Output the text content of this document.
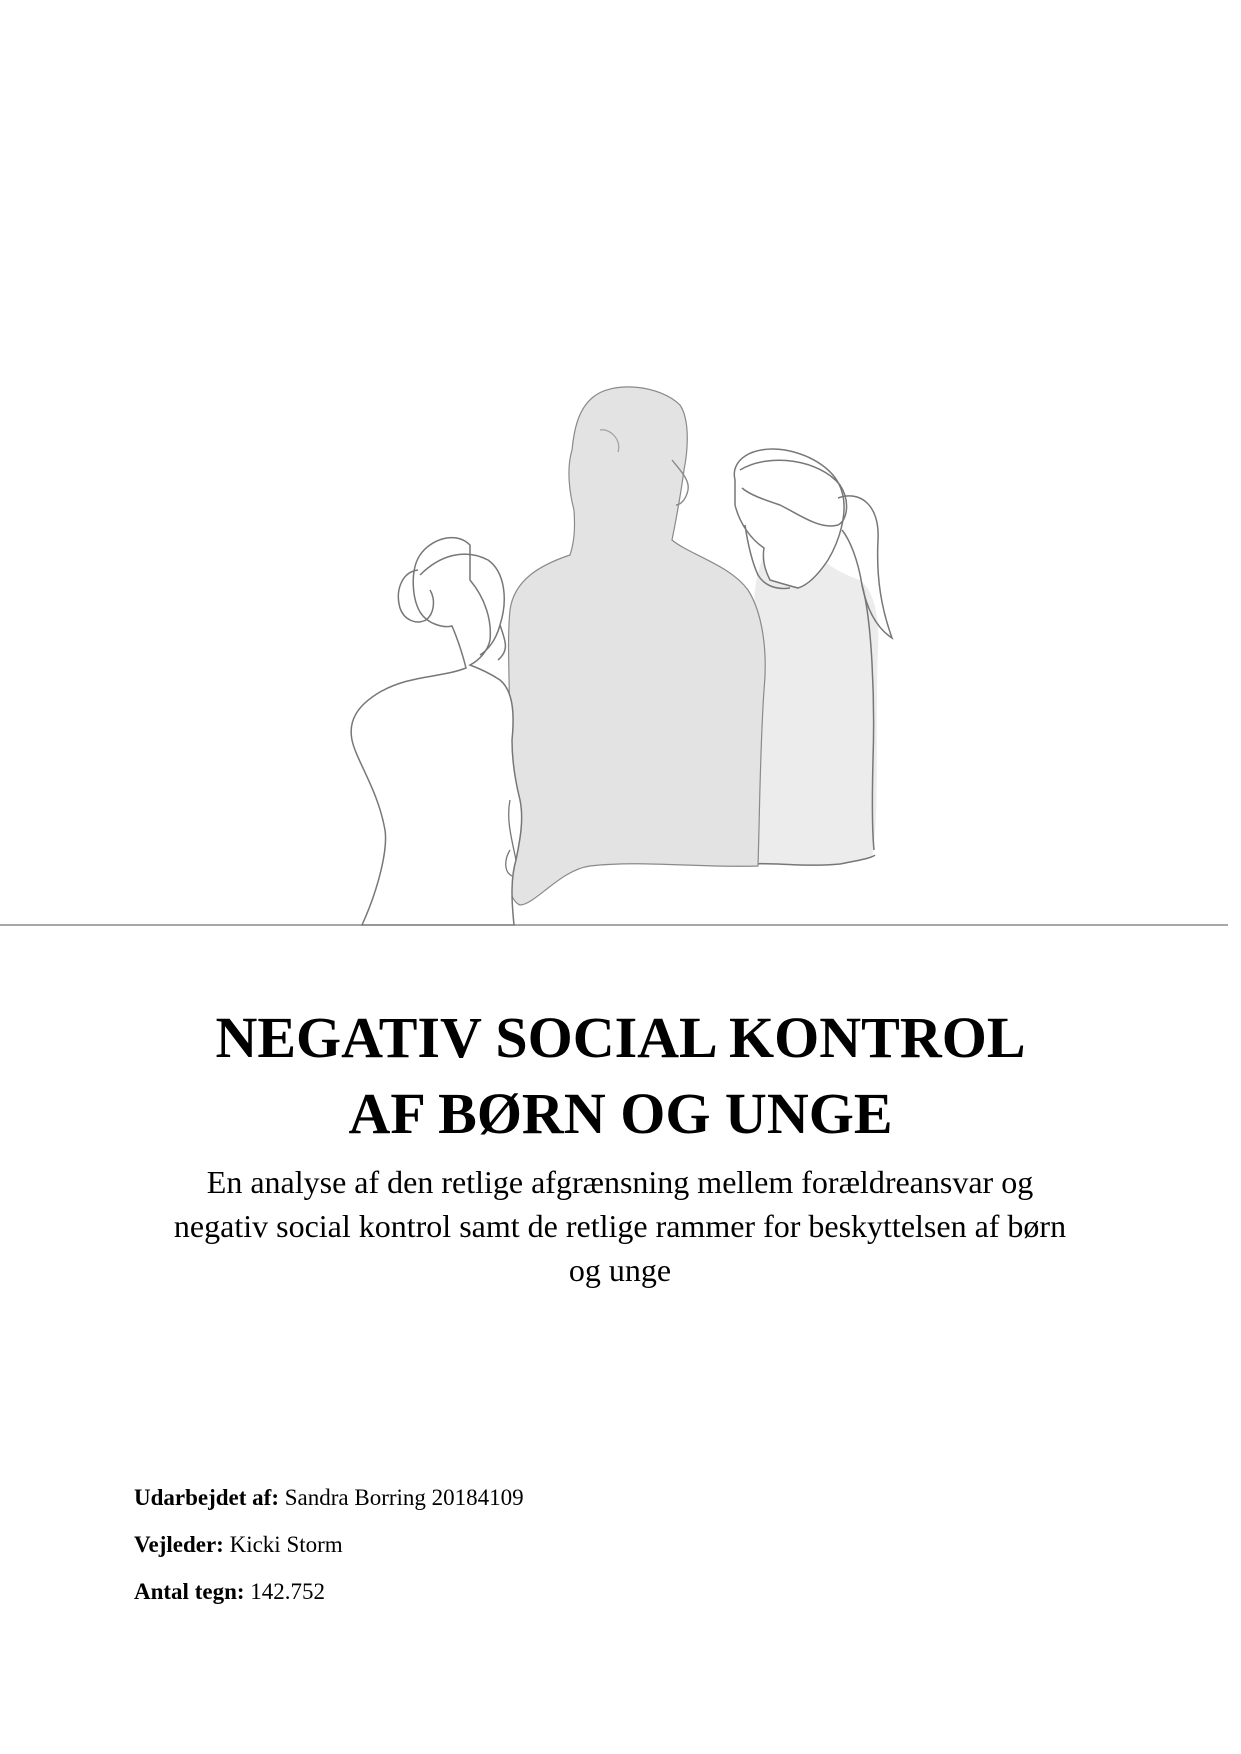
NEGATIV SOCIAL KONTROL
AF BØRN OG UNGE

En analyse af den retlige afgrænsning mellem forældreansvar og negativ social kontrol samt de retlige rammer for beskyttelsen af børn og unge

Udarbejdet af: Sandra Borring 20184109
Vejleder: Kicki Storm
Antal tegn: 142.752
